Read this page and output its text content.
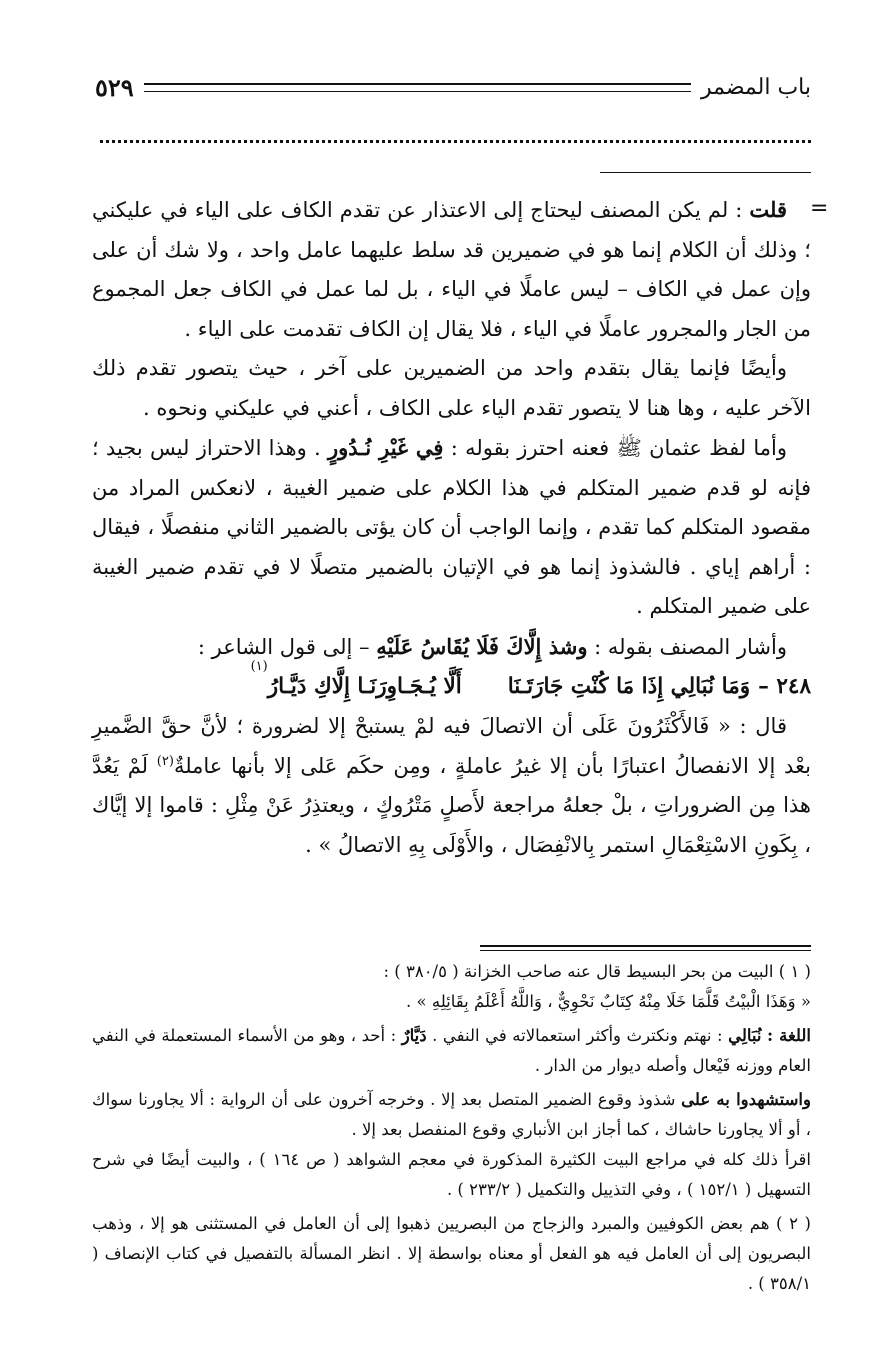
٥٢٩	باب المضمر
=

قلت : لم يكن المصنف ليحتاج إلى الاعتذار عن تقدم الكاف على الياء في عليكني ؛ وذلك أن الكلام إنما هو في ضميرين قد سلط عليهما عامل واحد ، ولا شك أن على وإن عمل في الكاف – ليس عاملًا في الياء ، بل لما عمل في الكاف جعل المجموع من الجار والمجرور عاملًا في الياء ، فلا يقال إن الكاف تقدمت على الياء .

وأيضًا فإنما يقال بتقدم واحد من الضميرين على آخر ، حيث يتصور تقدم ذلك الآخر عليه ، وها هنا لا يتصور تقدم الياء على الكاف ، أعني في عليكني ونحوه .

وأما لفظ عثمان ﷺ فعنه احترز بقوله : فِي غَيْرِ نُـدُورٍ . وهذا الاحتراز ليس بجيد ؛ فإنه لو قدم ضمير المتكلم في هذا الكلام على ضمير الغيبة ، لانعكس المراد من مقصود المتكلم كما تقدم ، وإنما الواجب أن كان يؤتى بالضمير الثاني منفصلًا ، فيقال : أراهم إياي . فالشذوذ إنما هو في الإتيان بالضمير متصلًا لا في تقدم ضمير الغيبة على ضمير المتكلم .

وأشار المصنف بقوله : وشذ إِلَّاكَ فَلَا يُقَاسُ عَلَيْهِ – إلى قول الشاعر :

٢٤٨ –
وَمَا نُبَالِي إِذَا مَا كُنْتِ جَارَتَـنَا
أَلَّا يُـجَـاوِرَنَـا إِلَّاكِ دَيَّـارُ
(١)

قال : « فَالأَكْثَرُونَ عَلَى أن الاتصالَ فيه لمْ يستبحْ إلا لضرورة ؛ لأنَّ حقَّ الضَّميرِ بعْد إلا الانفصالُ اعتبارًا بأن إلا غيرُ عاملةٍ ، ومِن حكَم عَلى إلا بأنها عاملةٌ$^{(٢)}$ لَمْ يَعُدَّ هذا مِن الضروراتِ ، بلْ جعلهُ مراجعة لأَصلٍ مَتْرُوكٍ ، ويعتذِرُ عَنْ مِثْلِ : قاموا إلا إيَّاك ، بِكَونِ الاسْتِعْمَالِ استمر بِالانْفِصَال ، والأَوْلَى بِهِ الاتصالُ » .

( ١ ) البيت من بحر البسيط قال عنه صاحب الخزانة ( ٣٨٠/٥ ) :

« وَهَذَا الْبيْتُ قَلَّمَا خَلَا مِنْهُ كِتَابٌ نَحْوِيٌّ ، وَاللَّهُ أَعْلَمُ بِقَائِلِهِ » .

اللغة : نُبَالِي : نهتم ونكترث وأكثر استعمالاته في النفي . دَيَّارٌ : أحد ، وهو من الأسماء المستعملة في النفي العام ووزنه فَيْعال وأصله ديوار من الدار .

واستشهدوا به على شذوذ وقوع الضمير المتصل بعد إلا . وخرجه آخرون على أن الرواية : ألا يجاورنا سواك ، أو ألا يجاورنا حاشاك ، كما أجاز ابن الأنباري وقوع المنفصل بعد إلا .

اقرأ ذلك كله في مراجع البيت الكثيرة المذكورة في معجم الشواهد ( ص ١٦٤ ) ، والبيت أيضًا في شرح التسهيل ( ١٥٢/١ ) ، وفي التذييل والتكميل ( ٢٣٣/٢ ) .

( ٢ ) هم بعض الكوفيين والمبرد والزجاج من البصريين ذهبوا إلى أن العامل في المستثنى هو إلا ، وذهب البصريون إلى أن العامل فيه هو الفعل أو معناه بواسطة إلا . انظر المسألة بالتفصيل في كتاب الإنصاف ( ٣٥٨/١ ) .
